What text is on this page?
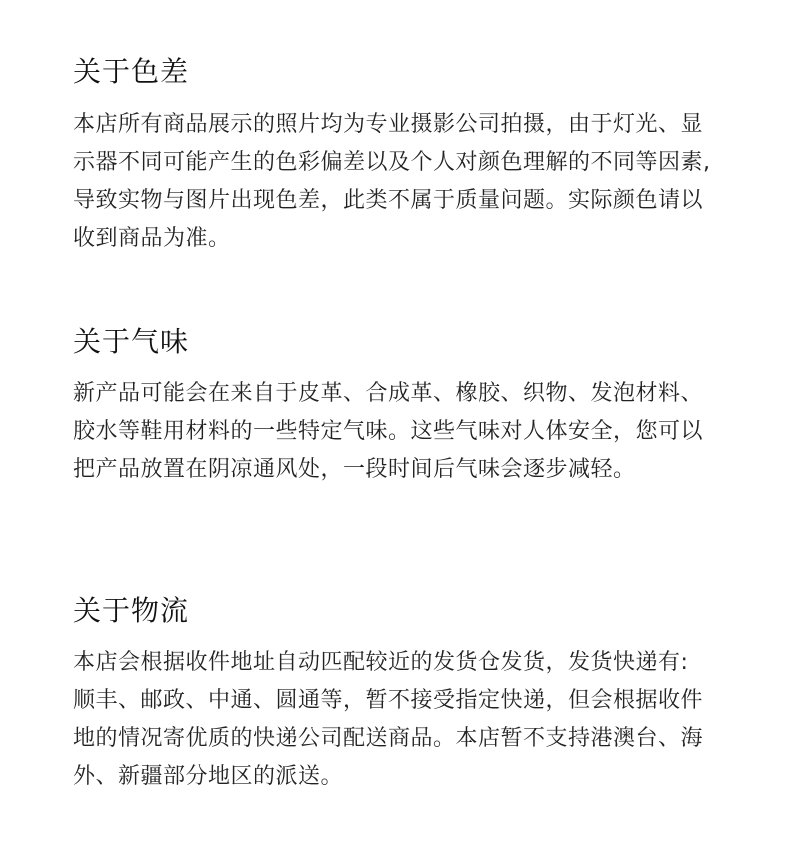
关于色差

本店所有商品展示的照片均为专业摄影公司拍摄，由于灯光、显
示器不同可能产生的色彩偏差以及个人对颜色理解的不同等因素,
导致实物与图片出现色差，此类不属于质量问题。实际颜色请以
收到商品为准。

关于气味

新产品可能会在来自于皮革、合成革、橡胶、织物、发泡材料、
胶水等鞋用材料的一些特定气味。这些气味对人体安全，您可以
把产品放置在阴凉通风处，一段时间后气味会逐步减轻。

关于物流

本店会根据收件地址自动匹配较近的发货仓发货，发货快递有:
顺丰、邮政、中通、圆通等，暂不接受指定快递，但会根据收件
地的情况寄优质的快递公司配送商品。本店暂不支持港澳台、海
外、新疆部分地区的派送。
